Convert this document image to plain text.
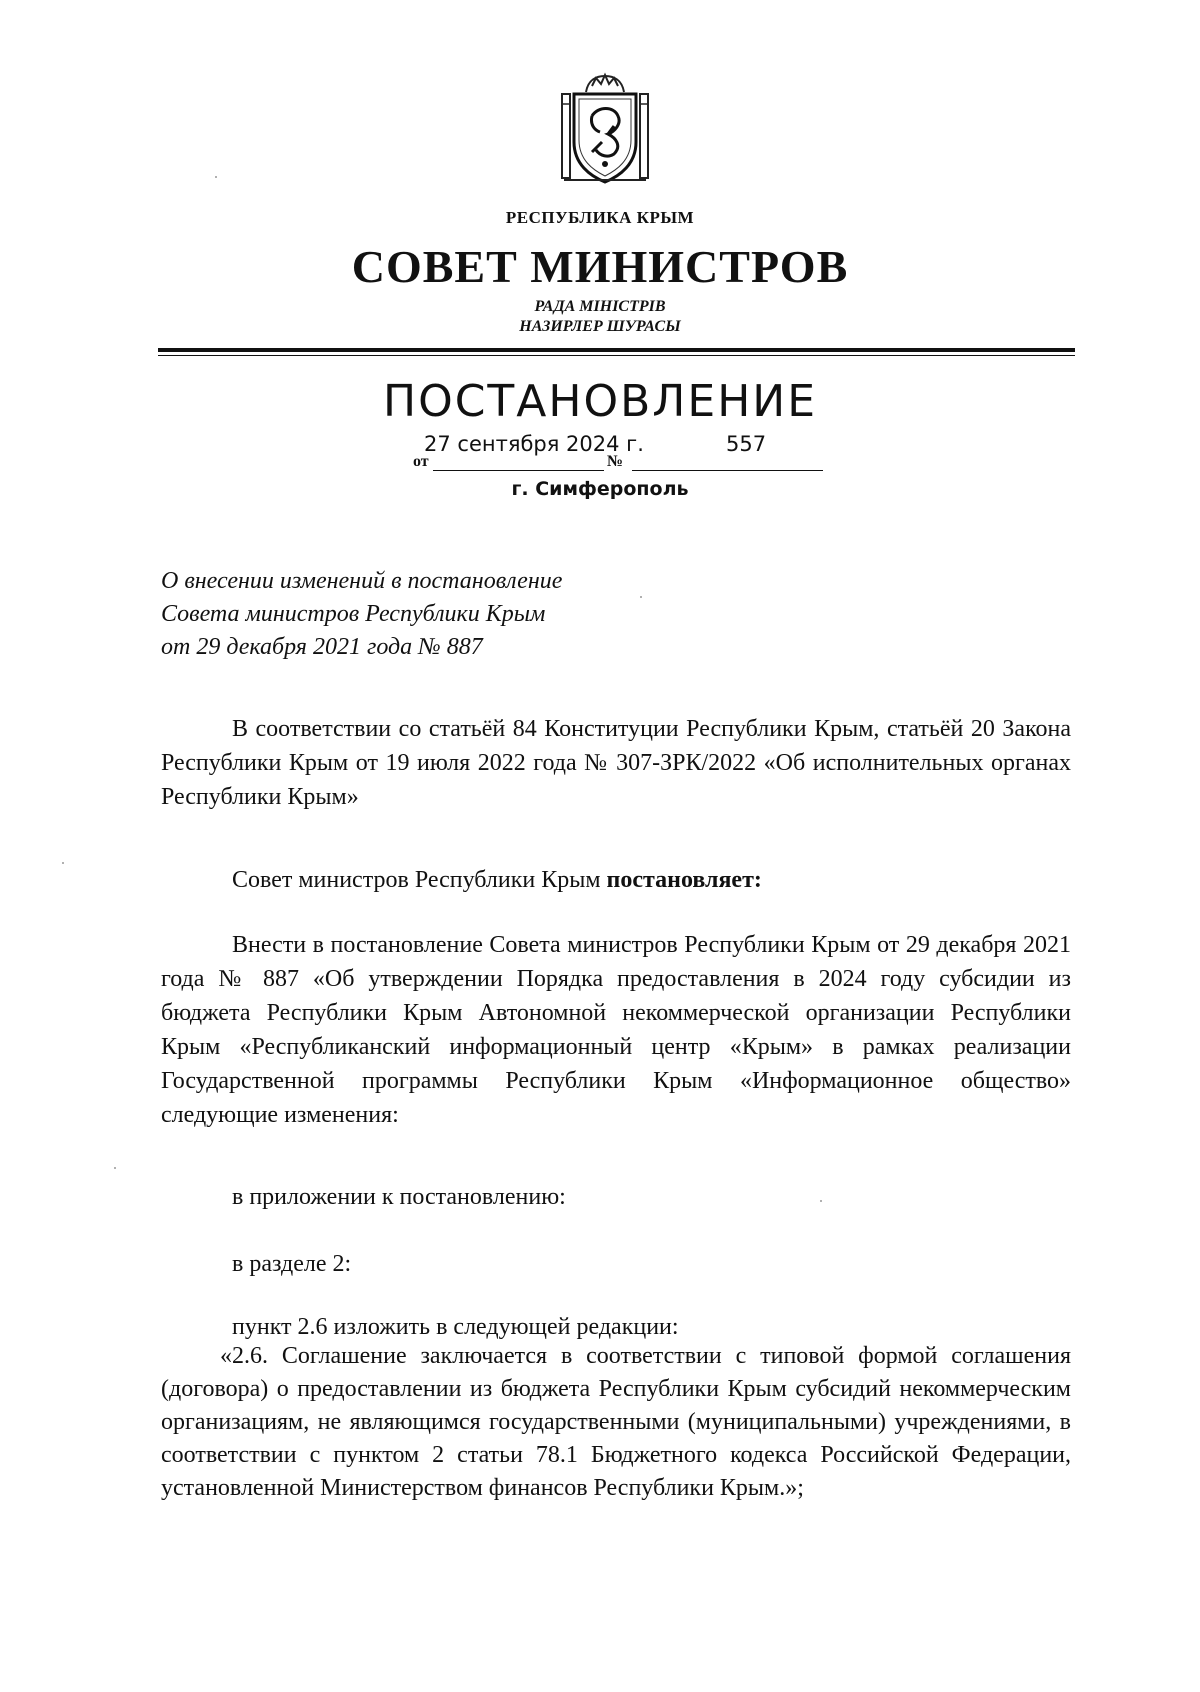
РЕСПУБЛИКА КРЫМ
СОВЕТ МИНИСТРОВ
РАДА МІНІСТРІВ
НАЗИРЛЕР ШУРАСЫ
ПОСТАНОВЛЕНИЕ
27 сентября 2024 г.	557
от	№
г. Симферополь
О внесении изменений в постановление
Совета министров Республики Крым
от 29 декабря 2021 года № 887

В соответствии со статьёй 84 Конституции Республики Крым, статьёй 20 Закона Республики Крым от 19 июля 2022 года № 307-ЗРК/2022 «Об исполнительных органах Республики Крым»

Совет министров Республики Крым постановляет:

Внести в постановление Совета министров Республики Крым от 29 декабря 2021 года № 887 «Об утверждении Порядка предоставления в 2024 году субсидии из бюджета Республики Крым Автономной некоммерческой организации Республики Крым «Республиканский информационный центр «Крым» в рамках реализации Государственной программы Республики Крым «Информационное общество» следующие изменения:

в приложении к постановлению:

в разделе 2:

пункт 2.6 изложить в следующей редакции:

«2.6. Соглашение заключается в соответствии с типовой формой соглашения (договора) о предоставлении из бюджета Республики Крым субсидий некоммерческим организациям, не являющимся государственными (муниципальными) учреждениями, в соответствии с пунктом 2 статьи 78.1 Бюджетного кодекса Российской Федерации, установленной Министерством финансов Республики Крым.»;
